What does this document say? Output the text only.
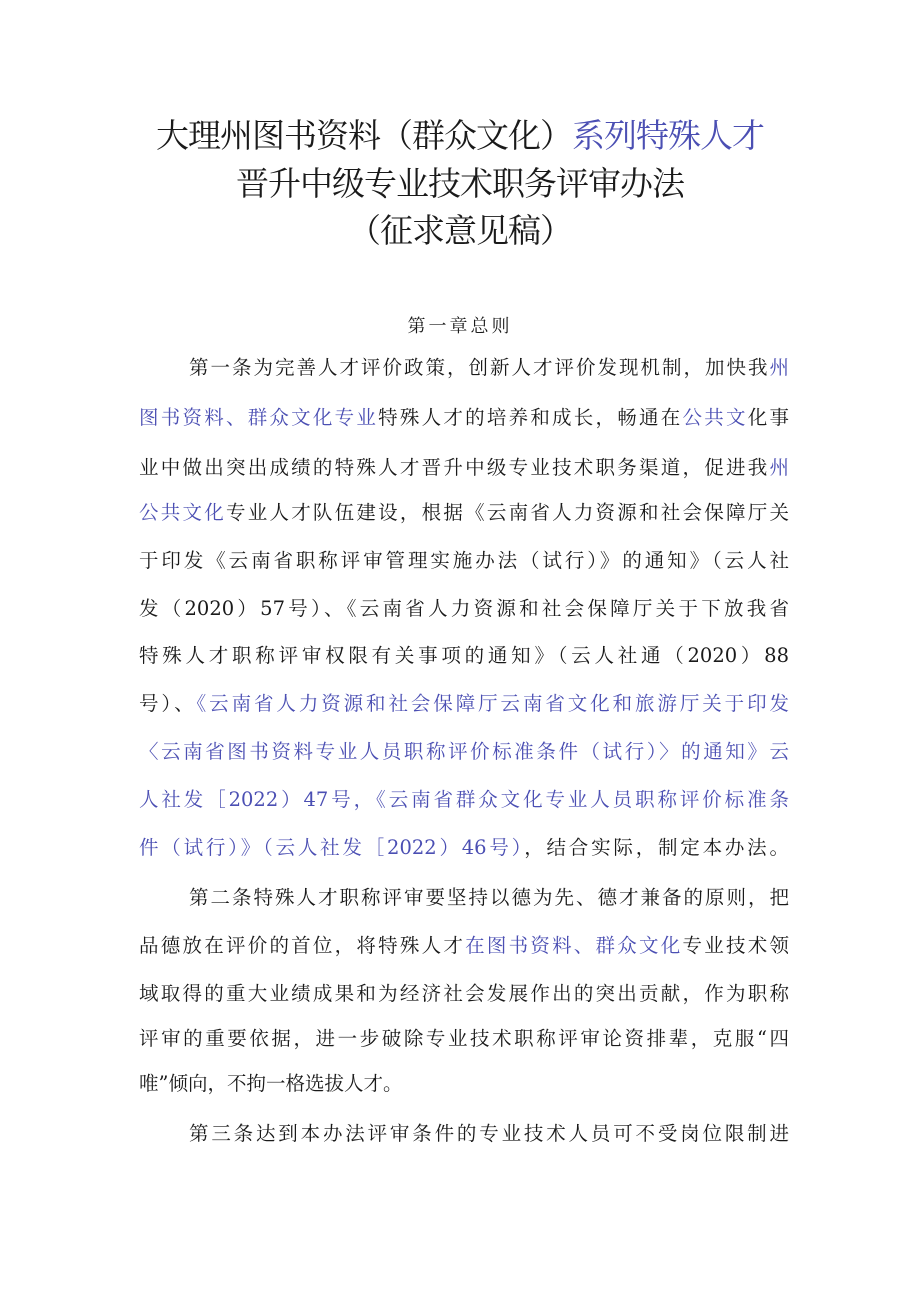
大理州图书资料（群众文化）系列特殊人才
晋升中级专业技术职务评审办法
（征求意见稿）
第一章总则
第一条为完善人才评价政策，创新人才评价发现机制，加快我州
图书资料、群众文化专业特殊人才的培养和成长，畅通在公共文化事
业中做出突出成绩的特殊人才晋升中级专业技术职务渠道，促进我州
公共文化专业人才队伍建设，根据《云南省人力资源和社会保障厅关
于印发《云南省职称评审管理实施办法（试行）》的通知》（云人社
发（2020）57号）、《云南省人力资源和社会保障厅关于下放我省
特殊人才职称评审权限有关事项的通知》（云人社通（2020）88
号）、《云南省人力资源和社会保障厅云南省文化和旅游厅关于印发
〈云南省图书资料专业人员职称评价标准条件（试行）〉的通知》云
人社发［2022）47号，《云南省群众文化专业人员职称评价标准条
件（试行）》（云人社发［2022）46号），结合实际，制定本办法。
第二条特殊人才职称评审要坚持以德为先、德才兼备的原则，把
品德放在评价的首位，将特殊人才在图书资料、群众文化专业技术领
域取得的重大业绩成果和为经济社会发展作出的突出贡献，作为职称
评审的重要依据，进一步破除专业技术职称评审论资排辈，克服“四
唯”倾向，不拘一格选拔人才。
第三条达到本办法评审条件的专业技术人员可不受岗位限制进
